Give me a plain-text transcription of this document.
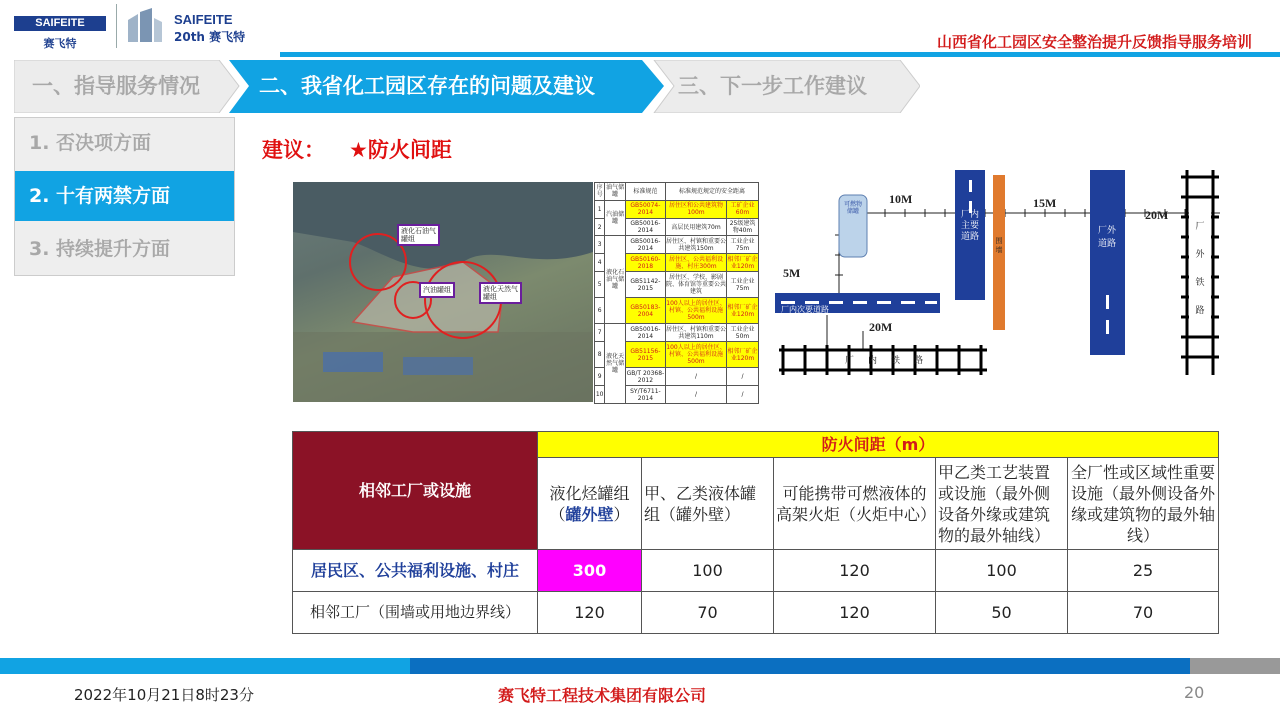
SAIFEITE
赛飞特
SAIFEITE
20th 赛飞特	山西省化工园区安全整治提升反馈指导服务培训
一、指导服务情况	二、我省化工园区存在的问题及建议	三、下一步工作建议
1. 否决项方面
2. 十有两禁方面
3. 持续提升方面
建议： ★防火间距
液化石油气
罐组
汽油罐组	液化天然气
罐组
序号	油气储罐	标准规范	标准规范规定的安全距离	
1	汽油储罐	GB50074-2014	居住区和公共建筑物100m	工矿企业60m
2		GB50016-2014	高层民用建筑70m	25级建筑物40m
3	液化石油气储罐	GB50016-2014	居住区、村镇和重要公共建筑150m	工业企业75m
4		GB50160-2018	居住区、公共福利设施、村庄300m	相邻厂矿企业120m
5		GB51142-2015	居住区、学校、影剧院、体育馆等重要公共建筑	工业企业75m
6		GB50183-2004	100人以上的居住区、村镇、公共福利设施500m	相邻厂矿企业120m
7	液化天然气储罐	GB50016-2014	居住区、村镇和重要公共建筑110m	工业企业50m
8		GB51156-2015	100人以上的居住区、村镇、公共福利设施500m	相邻厂矿企业120m
9		GB/T 20368-2012	/	/
10		SY/T6711-2014	/	/
10M	15M
20M
5M
20M
可燃物储罐	厂内主要道路
厂内次要道路
厂内铁路
厂外道路
厂外铁路
围墙
相邻工厂或设施	防火间距（m）				
	液化烃罐组（罐外壁）	甲、乙类液体罐组（罐外壁）	可能携带可燃液体的高架火炬（火炬中心）	甲乙类工艺装置或设施（最外侧设备外缘或建筑物的最外轴线）	全厂性或区域性重要设施（最外侧设备外缘或建筑物的最外轴线）
居民区、公共福利设施、村庄	300	100	120	100	25
相邻工厂（围墙或用地边界线）	120	70	120	50	70
2022年10月21日8时23分	赛飞特工程技术集团有限公司	20
